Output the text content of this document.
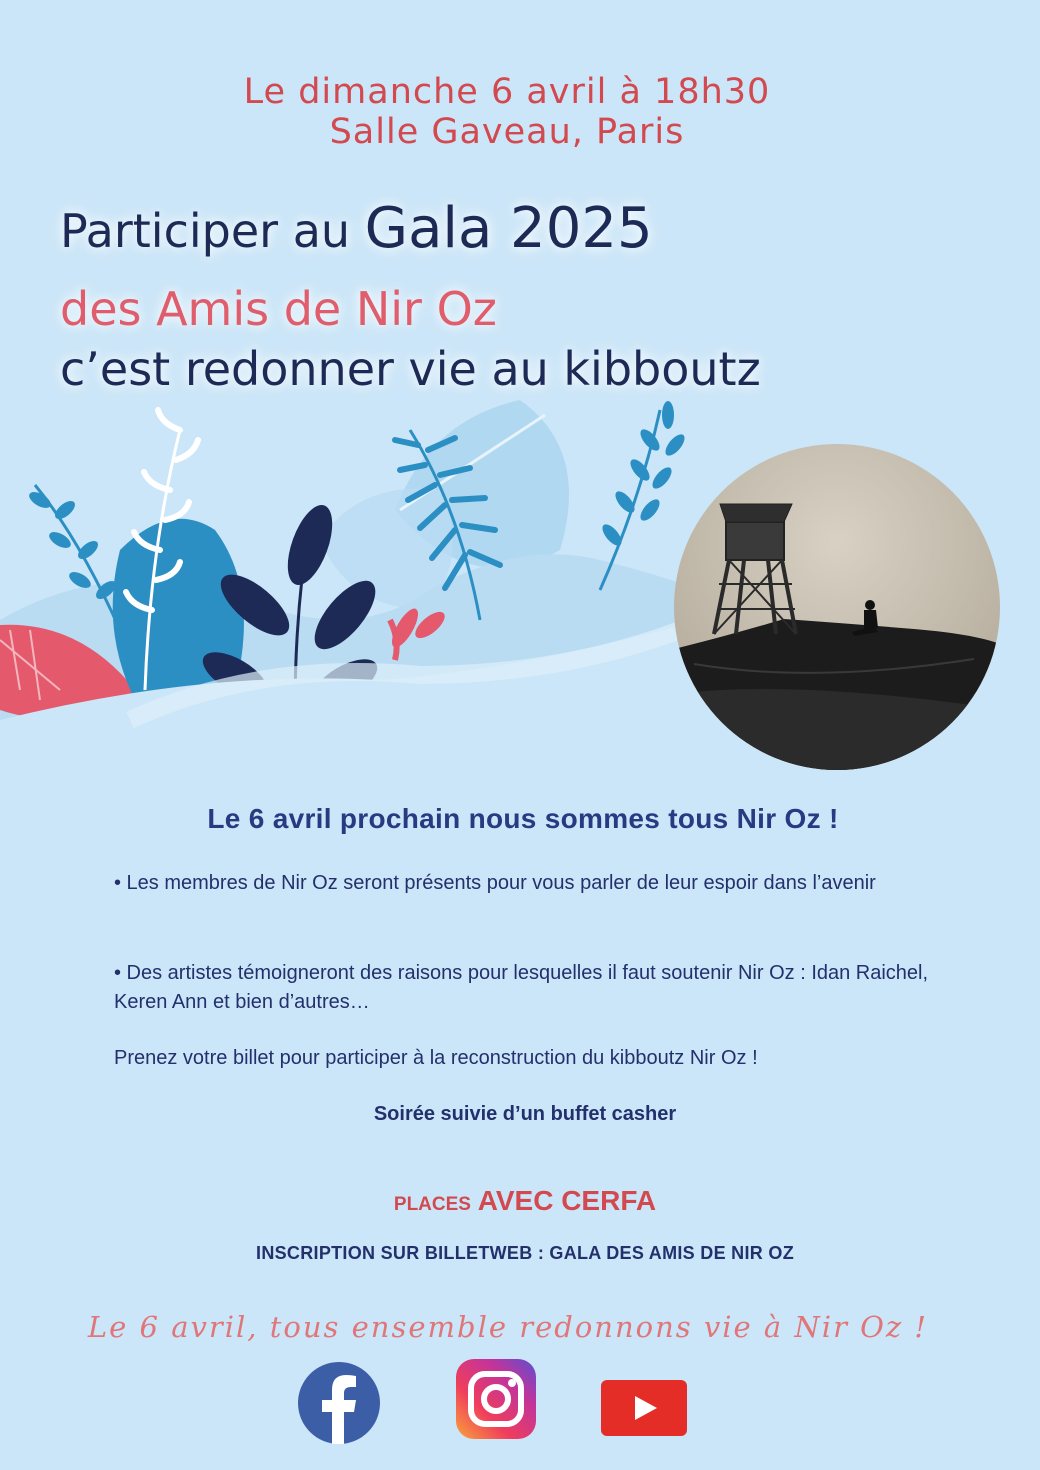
Le dimanche 6 avril à 18h30
Salle Gaveau, Paris
Participer au Gala 2025
des Amis de Nir Oz
c’est redonner vie au kibboutz
Le 6 avril prochain nous sommes tous Nir Oz !
• Les membres de Nir Oz seront présents pour vous parler de leur espoir dans l’avenir
• Des artistes témoigneront des raisons pour lesquelles il faut soutenir Nir Oz : Idan Raichel, Keren Ann et bien d’autres…
Prenez votre billet pour participer à la reconstruction du kibboutz Nir Oz !
Soirée suivie d’un buffet casher
PLACES AVEC CERFA
INSCRIPTION SUR BILLETWEB : GALA DES AMIS DE NIR OZ
Le 6 avril, tous ensemble redonnons vie à Nir Oz !
